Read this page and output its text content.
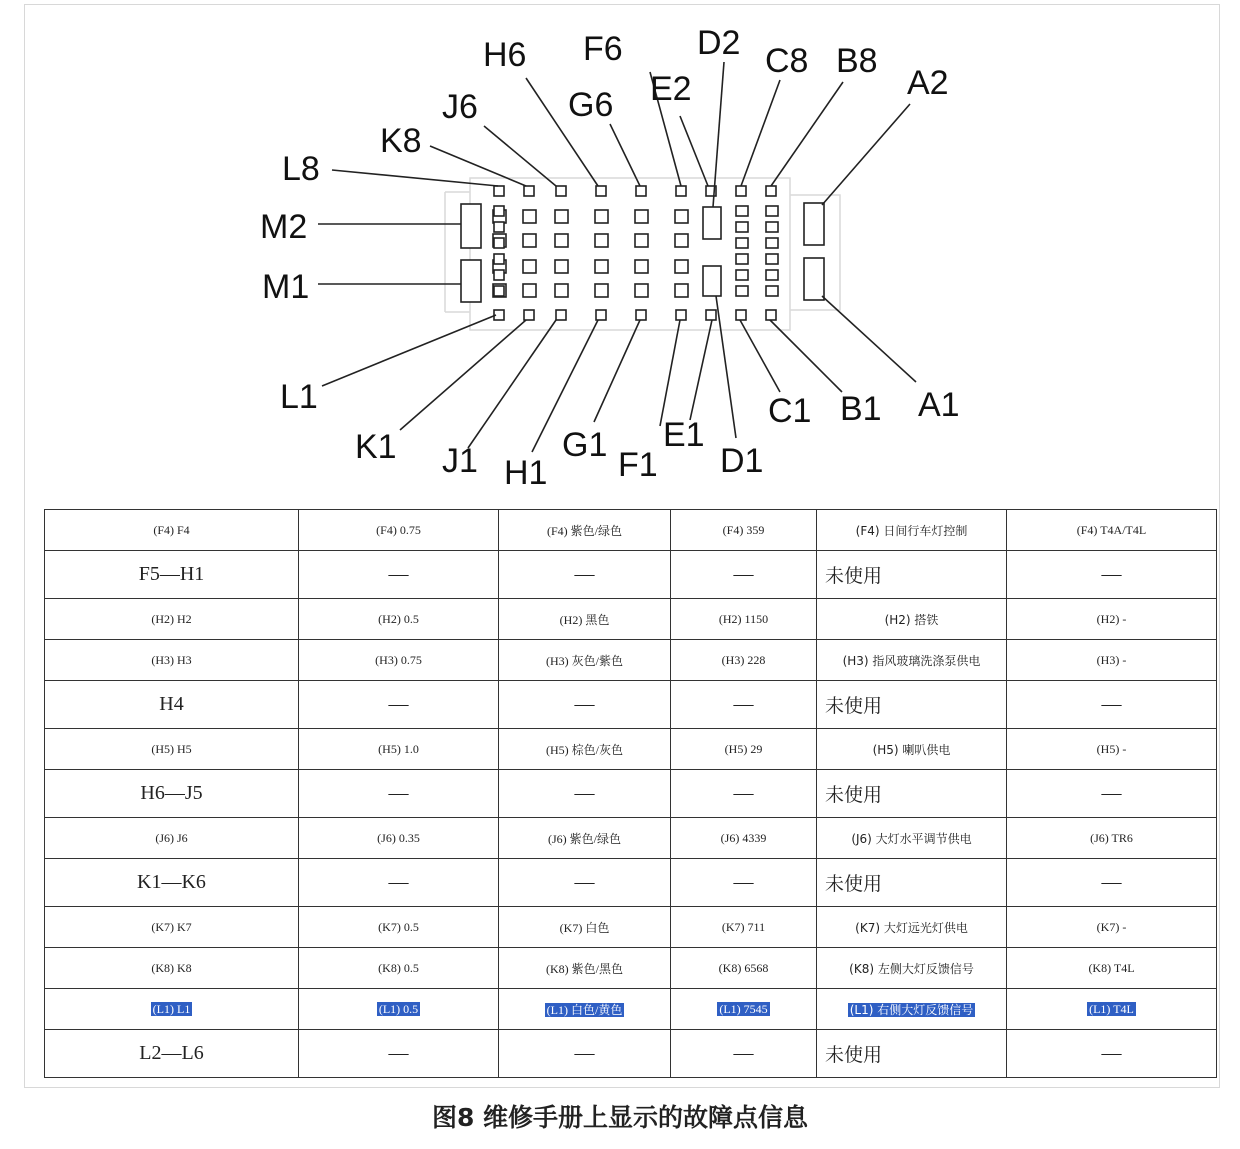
H6 F6 D2 C8 B8
A2
J6	G6 E2
K8
L8
M2
M1
L1
K1 J1 H1
G1
F1
E1
D1
C1 B1 A1
(F4) F4	(F4) 0.75	(F4) 紫色/绿色	(F4) 359	(F4) 日间行车灯控制	(F4) T4A/T4L
F5—H1	—	—	—	未使用	—
(H2) H2	(H2) 0.5	(H2) 黑色	(H2) 1150	(H2) 搭铁	(H2) -
(H3) H3	(H3) 0.75	(H3) 灰色/紫色	(H3) 228	(H3) 指风玻璃洗涤泵供电	(H3) -
H4	—	—	—	未使用	—
(H5) H5	(H5) 1.0	(H5) 棕色/灰色	(H5) 29	(H5) 喇叭供电	(H5) -
H6—J5	—	—	—	未使用	—
(J6) J6	(J6) 0.35	(J6) 紫色/绿色	(J6) 4339	(J6) 大灯水平调节供电	(J6) TR6
K1—K6	—	—	—	未使用	—
(K7) K7	(K7) 0.5	(K7) 白色	(K7) 711	(K7) 大灯远光灯供电	(K7) -
(K8) K8	(K8) 0.5	(K8) 紫色/黑色	(K8) 6568	(K8) 左侧大灯反馈信号	(K8) T4L
(L1) L1	(L1) 0.5	(L1) 白色/黄色	(L1) 7545	(L1) 右侧大灯反馈信号	(L1) T4L
L2—L6	—	—	—	未使用	—
图8 维修手册上显示的故障点信息
